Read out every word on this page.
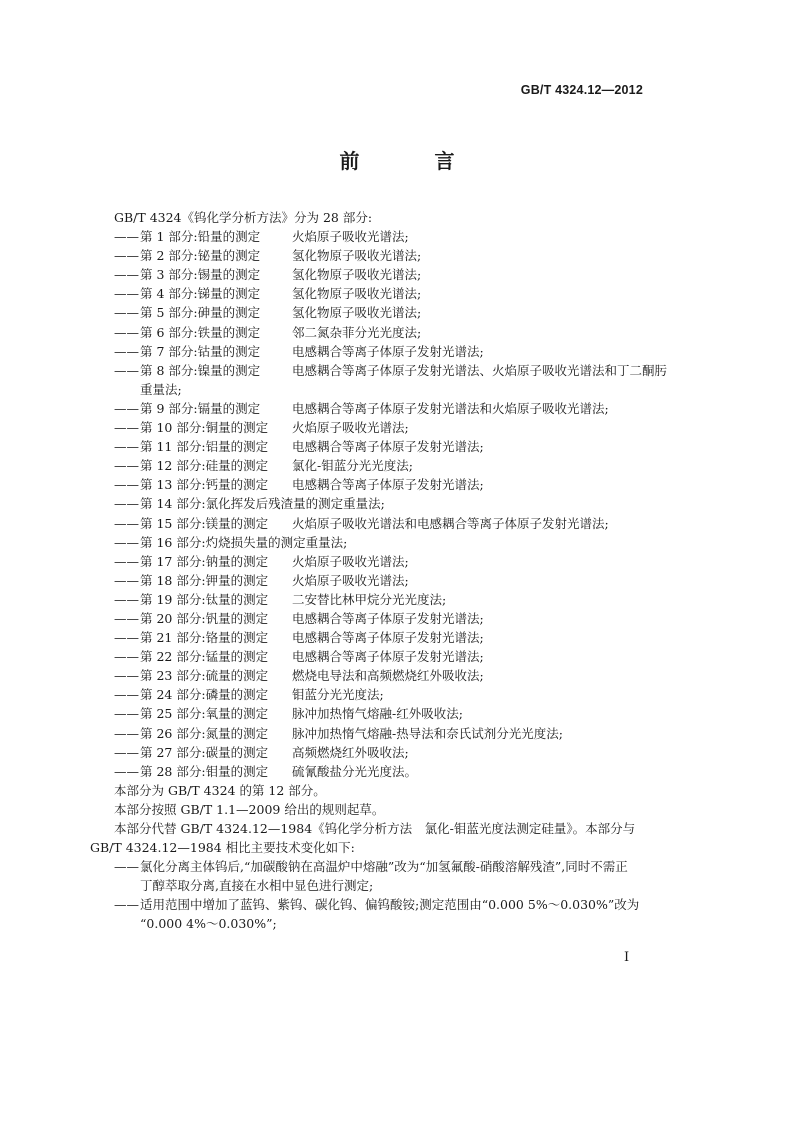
GB/T 4324.12—2012
前 言
GB/T 4324《钨化学分析方法》分为 28 部分:
——第 1 部分:铅量的测定	火焰原子吸收光谱法;
——第 2 部分:铋量的测定	氢化物原子吸收光谱法;
——第 3 部分:锡量的测定	氢化物原子吸收光谱法;
——第 4 部分:锑量的测定	氢化物原子吸收光谱法;
——第 5 部分:砷量的测定	氢化物原子吸收光谱法;
——第 6 部分:铁量的测定	邻二氮杂菲分光光度法;
——第 7 部分:钴量的测定	电感耦合等离子体原子发射光谱法;
——第 8 部分:镍量的测定	电感耦合等离子体原子发射光谱法、火焰原子吸收光谱法和丁二酮肟
重量法;
——第 9 部分:镉量的测定	电感耦合等离子体原子发射光谱法和火焰原子吸收光谱法;
——第 10 部分:铜量的测定 火焰原子吸收光谱法;
——第 11 部分:铝量的测定 电感耦合等离子体原子发射光谱法;
——第 12 部分:硅量的测定 氯化-钼蓝分光光度法;
——第 13 部分:钙量的测定 电感耦合等离子体原子发射光谱法;
——第 14 部分:氯化挥发后残渣量的测定重量法;
——第 15 部分:镁量的测定 火焰原子吸收光谱法和电感耦合等离子体原子发射光谱法;
——第 16 部分:灼烧损失量的测定重量法;
——第 17 部分:钠量的测定 火焰原子吸收光谱法;
——第 18 部分:钾量的测定 火焰原子吸收光谱法;
——第 19 部分:钛量的测定 二安替比林甲烷分光光度法;
——第 20 部分:钒量的测定 电感耦合等离子体原子发射光谱法;
——第 21 部分:铬量的测定 电感耦合等离子体原子发射光谱法;
——第 22 部分:锰量的测定 电感耦合等离子体原子发射光谱法;
——第 23 部分:硫量的测定 燃烧电导法和高频燃烧红外吸收法;
——第 24 部分:磷量的测定 钼蓝分光光度法;
——第 25 部分:氧量的测定 脉冲加热惰气熔融-红外吸收法;
——第 26 部分:氮量的测定 脉冲加热惰气熔融-热导法和奈氏试剂分光光度法;
——第 27 部分:碳量的测定 高频燃烧红外吸收法;
——第 28 部分:钼量的测定 硫氰酸盐分光光度法。
本部分为 GB/T 4324 的第 12 部分。
本部分按照 GB/T 1.1—2009 给出的规则起草。
本部分代替 GB/T 4324.12—1984《钨化学分析方法　氯化-钼蓝光度法测定硅量》。本部分与
GB/T 4324.12—1984 相比主要技术变化如下:
——氯化分离主体钨后,“加碳酸钠在高温炉中熔融”改为“加氢氟酸-硝酸溶解残渣”,同时不需正
丁醇萃取分离,直接在水相中显色进行测定;
——适用范围中增加了蓝钨、紫钨、碳化钨、偏钨酸铵;测定范围由“0.000 5%～0.030%”改为
“0.000 4%～0.030%”;
I
